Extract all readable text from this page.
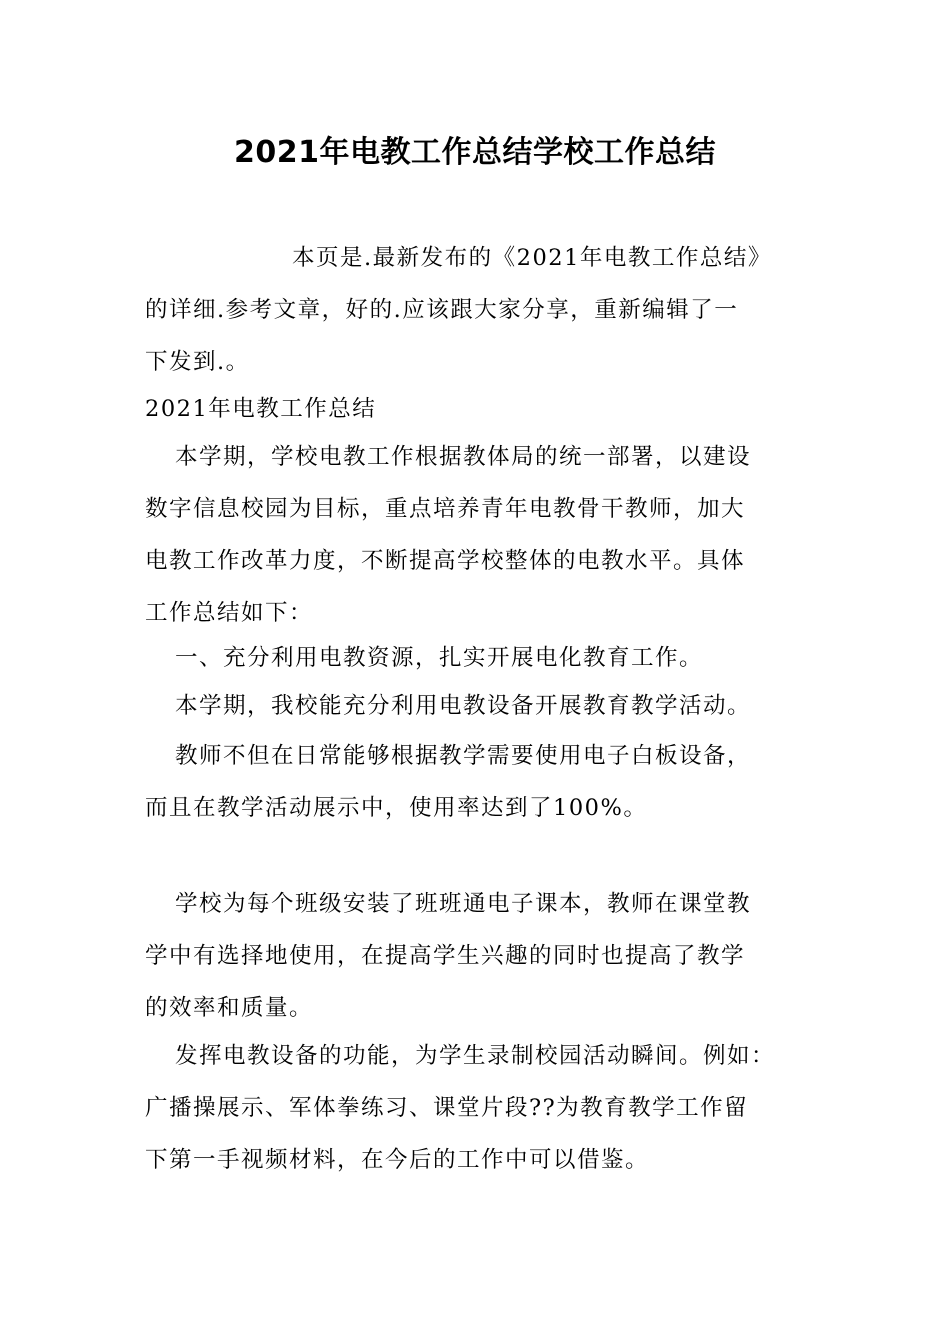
2021年电教工作总结学校工作总结
本页是.最新发布的《2021年电教工作总结》
的详细.参考文章，好的.应该跟大家分享，重新编辑了一
下发到.。
2021年电教工作总结
本学期，学校电教工作根据教体局的统一部署，以建设
数字信息校园为目标，重点培养青年电教骨干教师，加大
电教工作改革力度，不断提高学校整体的电教水平。具体
工作总结如下：
一、充分利用电教资源，扎实开展电化教育工作。
本学期，我校能充分利用电教设备开展教育教学活动。
教师不但在日常能够根据教学需要使用电子白板设备，
而且在教学活动展示中，使用率达到了100%。
学校为每个班级安装了班班通电子课本，教师在课堂教
学中有选择地使用，在提高学生兴趣的同时也提高了教学
的效率和质量。
发挥电教设备的功能，为学生录制校园活动瞬间。例如：
广播操展示、军体拳练习、课堂片段??为教育教学工作留
下第一手视频材料，在今后的工作中可以借鉴。
